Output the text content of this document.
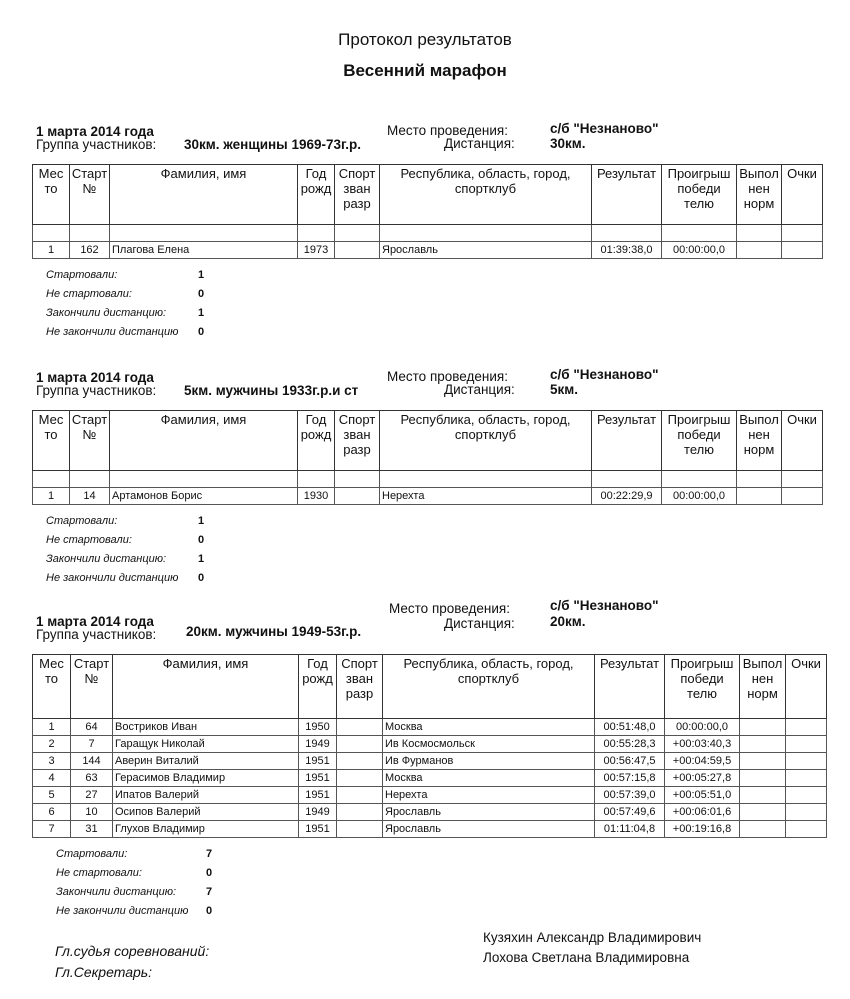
Протокол результатов
Весенний марафон
1 марта 2014 года
Группа участников: 30км. женщины 1969-73г.р.
Место проведения:	с/б "Незнаново"
Дистанция:	30км.
Мес то	Старт №	Фамилия, имя	Год рожд	Спорт зван разр	Республика, область, город, спортклуб	Результат	Проигрыш победи телю	Выпол нен норм	Очки

1	162	Плагова Елена	1973		Ярославль	01:39:38,0	00:00:00,0		
Стартовали:	1
Не стартовали:	0
Закончили дистанцию:	1
Не закончили дистанцию 0
1 марта 2014 года
Группа участников: 5км. мужчины 1933г.р.и ст
Место проведения:	с/б "Незнаново"
Дистанция:	5км.
Мес то	Старт №	Фамилия, имя	Год рожд	Спорт зван разр	Республика, область, город, спортклуб	Результат	Проигрыш победи телю	Выпол нен норм	Очки

1	14	Артамонов Борис	1930		Нерехта	00:22:29,9	00:00:00,0		
Стартовали:	1
Не стартовали:	0
Закончили дистанцию:	1
Не закончили дистанцию 0
1 марта 2014 года
Группа участников: 20км. мужчины 1949-53г.р.
Место проведения:	с/б "Незнаново"
Дистанция:	20км.
Мес то	Старт №	Фамилия, имя	Год рожд	Спорт зван разр	Республика, область, город, спортклуб	Результат	Проигрыш победи телю	Выпол нен норм	Очки
1	64	Востриков Иван	1950		Москва	00:51:48,0	00:00:00,0		
2	7	Гаращук Николай	1949		Ив Космосмольск	00:55:28,3	+00:03:40,3		
3	144	Аверин Виталий	1951		Ив Фурманов	00:56:47,5	+00:04:59,5		
4	63	Герасимов Владимир	1951		Москва	00:57:15,8	+00:05:27,8		
5	27	Ипатов Валерий	1951		Нерехта	00:57:39,0	+00:05:51,0		
6	10	Осипов Валерий	1949		Ярославль	00:57:49,6	+00:06:01,6		
7	31	Глухов Владимир	1951		Ярославль	01:11:04,8	+00:19:16,8		
Стартовали:	7
Не стартовали:	0
Закончили дистанцию:	7
Не закончили дистанцию 0
Гл.судья соревнований:
Гл.Секретарь:
Кузяхин Александр Владимирович
Лохова Светлана Владимировна
